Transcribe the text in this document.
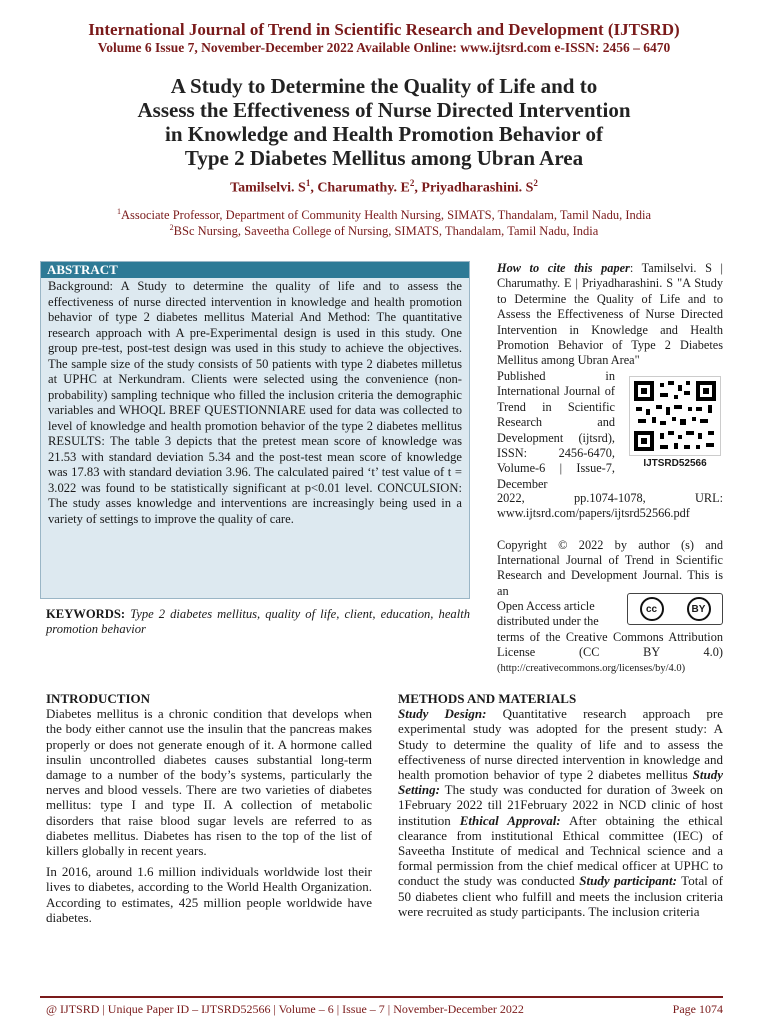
International Journal of Trend in Scientific Research and Development (IJTSRD)
Volume 6 Issue 7, November-December 2022 Available Online: www.ijtsrd.com e-ISSN: 2456 – 6470
A Study to Determine the Quality of Life and to
Assess the Effectiveness of Nurse Directed Intervention
in Knowledge and Health Promotion Behavior of
Type 2 Diabetes Mellitus among Ubran Area
Tamilselvi. $S^1$, Charumathy. $E^2$, Priyadharashini. $S^2$
$^1$Associate Professor, Department of Community Health Nursing, SIMATS, Thandalam, Tamil Nadu, India
$^2$BSc Nursing, Saveetha College of Nursing, SIMATS, Thandalam, Tamil Nadu, India
ABSTRACT
Background: A Study to determine the quality of life and to assess the effectiveness of nurse directed intervention in knowledge and health promotion behavior of type 2 diabetes mellitus Material And Method: The quantitative research approach with A pre-Experimental design is used in this study. One group pre-test, post-test design was used in this study to achieve the objectives. The sample size of the study consists of 50 patients with type 2 diabetes milletus at UPHC at Nerkundram. Clients were selected using the convenience (non-probability) sampling technique who filled the inclusion criteria the demographic variables and WHOQL BREF QUESTIONNIARE used for data was collected to level of knowledge and health promotion behavior of the type 2 diabetes mellitus RESULTS: The table 3 depicts that the pretest mean score of knowledge was 21.53 with standard deviation 5.34 and the post-test mean score of knowledge was 17.83 with standard deviation 3.96. The calculated paired ‘t’ test value of t = 3.022 was found to be statistically significant at p<0.01 level. CONCULSION: The study asses knowledge and interventions are increasingly being used in a variety of settings to improve the quality of care.
KEYWORDS: Type 2 diabetes mellitus, quality of life, client, education, health promotion behavior
How to cite this paper: Tamilselvi. S | Charumathy. E | Priyadharashini. S "A Study to Determine the Quality of Life and to Assess the Effectiveness of Nurse Directed Intervention in Knowledge and Health Promotion Behavior of Type 2 Diabetes Mellitus among Ubran Area"
Published in International Journal of Trend in Scientific Research and Development (ijtsrd), ISSN: 2456-6470, Volume-6 | Issue-7, December
IJTSRD52566
2022, pp.1074-1078, URL: www.ijtsrd.com/papers/ijtsrd52566.pdf
Copyright © 2022 by author (s) and International Journal of Trend in Scientific Research and Development Journal. This is an
Open Access article distributed under the
cc	BY
terms of the Creative Commons Attribution License (CC BY 4.0) (http://creativecommons.org/licenses/by/4.0)
INTRODUCTION

Diabetes mellitus is a chronic condition that develops when the body either cannot use the insulin that the pancreas makes properly or does not generate enough of it. A hormone called insulin uncontrolled diabetes causes substantial long-term damage to a number of the body’s systems, particularly the nerves and blood vessels. There are two varieties of diabetes mellitus: type I and type II. A collection of metabolic disorders that raise blood sugar levels are referred to as diabetes mellitus. Diabetes has risen to the top of the list of killers globally in recent years.

In 2016, around 1.6 million individuals worldwide lost their lives to diabetes, according to the World Health Organization. According to estimates, 425 million people worldwide have diabetes.

METHODS AND MATERIALS
Study Design: Quantitative research approach pre experimental study was adopted for the present study: A Study to determine the quality of life and to assess the effectiveness of nurse directed intervention in knowledge and health promotion behavior of type 2 diabetes mellitus Study Setting: The study was conducted for duration of 3week on 1February 2022 till 21February 2022 in NCD clinic of host institution Ethical Approval: After obtaining the ethical clearance from institutional Ethical committee (IEC) of Saveetha Institute of medical and Technical science and a formal permission from the chief medical officer at UPHC to conduct the study was conducted Study participant: Total of 50 diabetes client who fulfill and meets the inclusion criteria were recruited as study participants. The inclusion criteria
@ IJTSRD | Unique Paper ID – IJTSRD52566 | Volume – 6 | Issue – 7 | November-December 2022	Page 1074
